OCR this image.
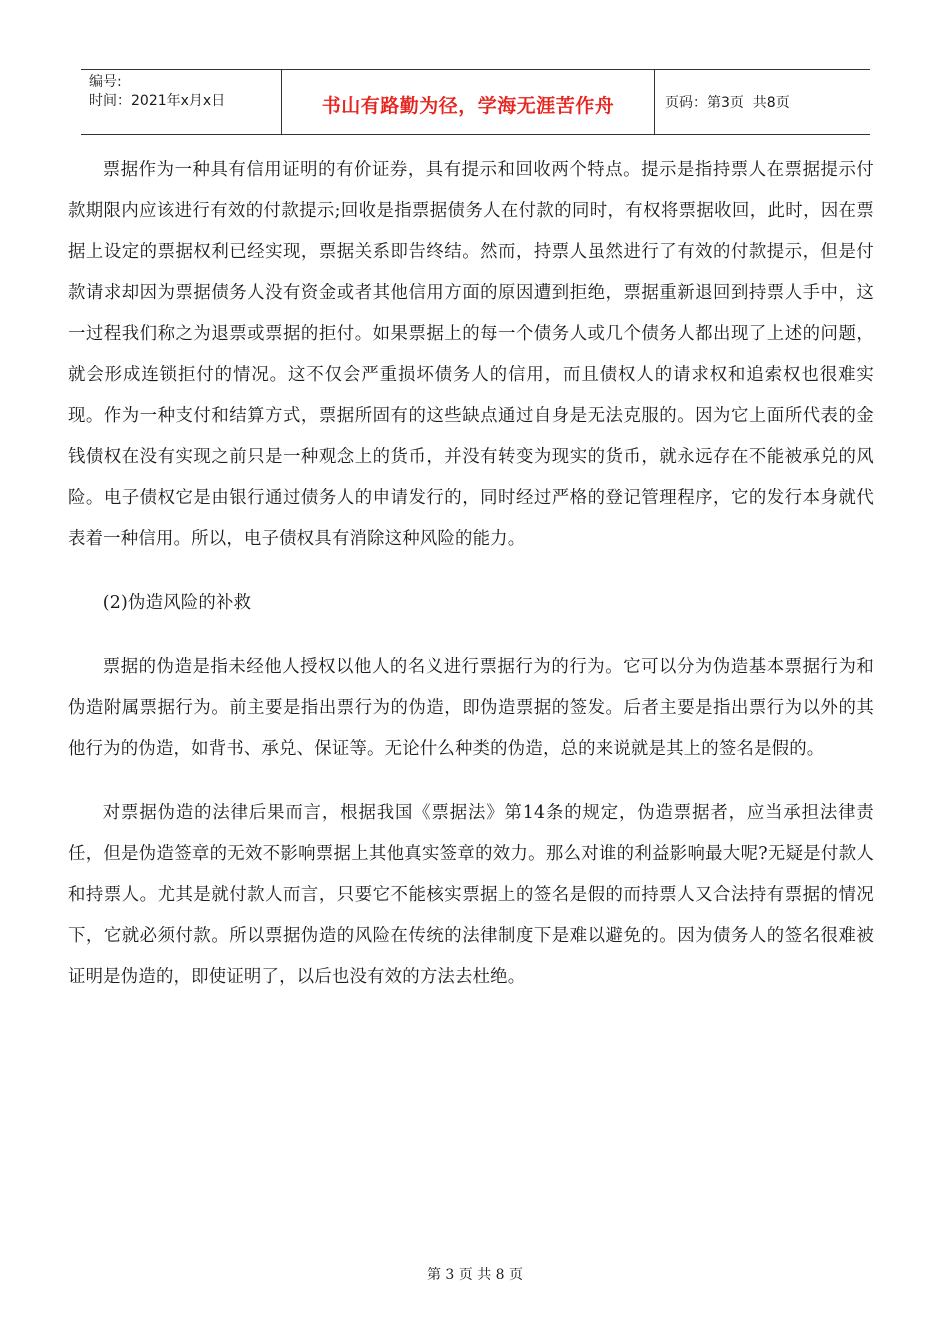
编号:
时间：2021年x月x日	书山有路勤为径，学海无涯苦作舟	页码：第3页  共8页

票据作为一种具有信用证明的有价证券，具有提示和回收两个特点。提示是指持票人在票据提示付款期限内应该进行有效的付款提示;回收是指票据债务人在付款的同时，有权将票据收回，此时，因在票据上设定的票据权利已经实现，票据关系即告终结。然而，持票人虽然进行了有效的付款提示，但是付款请求却因为票据债务人没有资金或者其他信用方面的原因遭到拒绝，票据重新退回到持票人手中，这一过程我们称之为退票或票据的拒付。如果票据上的每一个债务人或几个债务人都出现了上述的问题，就会形成连锁拒付的情况。这不仅会严重损坏债务人的信用，而且债权人的请求权和追索权也很难实现。作为一种支付和结算方式，票据所固有的这些缺点通过自身是无法克服的。因为它上面所代表的金钱债权在没有实现之前只是一种观念上的货币，并没有转变为现实的货币，就永远存在不能被承兑的风险。电子债权它是由银行通过债务人的申请发行的，同时经过严格的登记管理程序，它的发行本身就代表着一种信用。所以，电子债权具有消除这种风险的能力。

(2)伪造风险的补救

票据的伪造是指未经他人授权以他人的名义进行票据行为的行为。它可以分为伪造基本票据行为和伪造附属票据行为。前主要是指出票行为的伪造，即伪造票据的签发。后者主要是指出票行为以外的其他行为的伪造，如背书、承兑、保证等。无论什么种类的伪造，总的来说就是其上的签名是假的。

对票据伪造的法律后果而言，根据我国《票据法》第14条的规定，伪造票据者，应当承担法律责任，但是伪造签章的无效不影响票据上其他真实签章的效力。那么对谁的利益影响最大呢?无疑是付款人和持票人。尤其是就付款人而言，只要它不能核实票据上的签名是假的而持票人又合法持有票据的情况下，它就必须付款。所以票据伪造的风险在传统的法律制度下是难以避免的。因为债务人的签名很难被证明是伪造的，即使证明了，以后也没有效的方法去杜绝。

第 3 页 共 8 页
